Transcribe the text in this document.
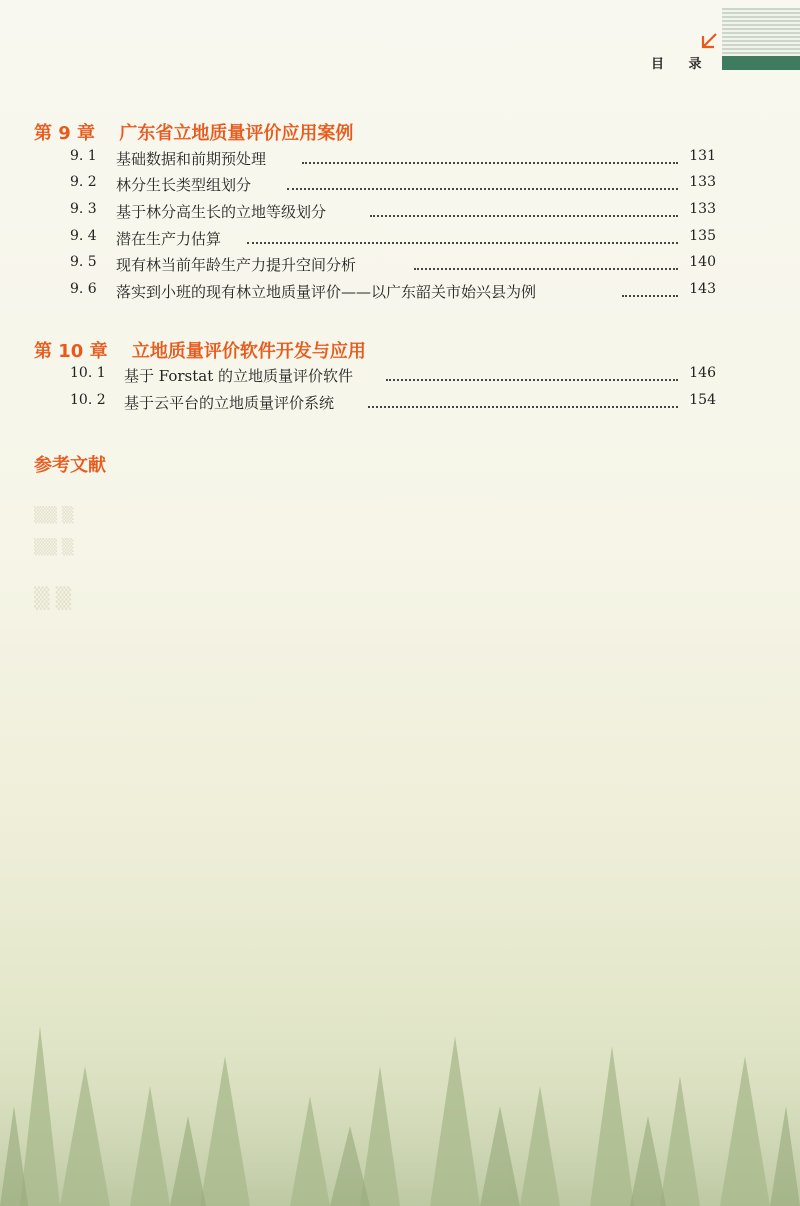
▒▒ ▒
▒▒ ▒
▒ ▒
目 录
第 9 章 广东省立地质量评价应用案例
9. 1 基础数据和前期预处理	131
9. 2 林分生长类型组划分	133
9. 3 基于林分高生长的立地等级划分	133
9. 4 潜在生产力估算	135
9. 5 现有林当前年龄生产力提升空间分析	140
9. 6 落实到小班的现有林立地质量评价——以广东韶关市始兴县为例	143
第 10 章 立地质量评价软件开发与应用
10. 1 基于 Forstat 的立地质量评价软件	146
10. 2 基于云平台的立地质量评价系统	154
参考文献
